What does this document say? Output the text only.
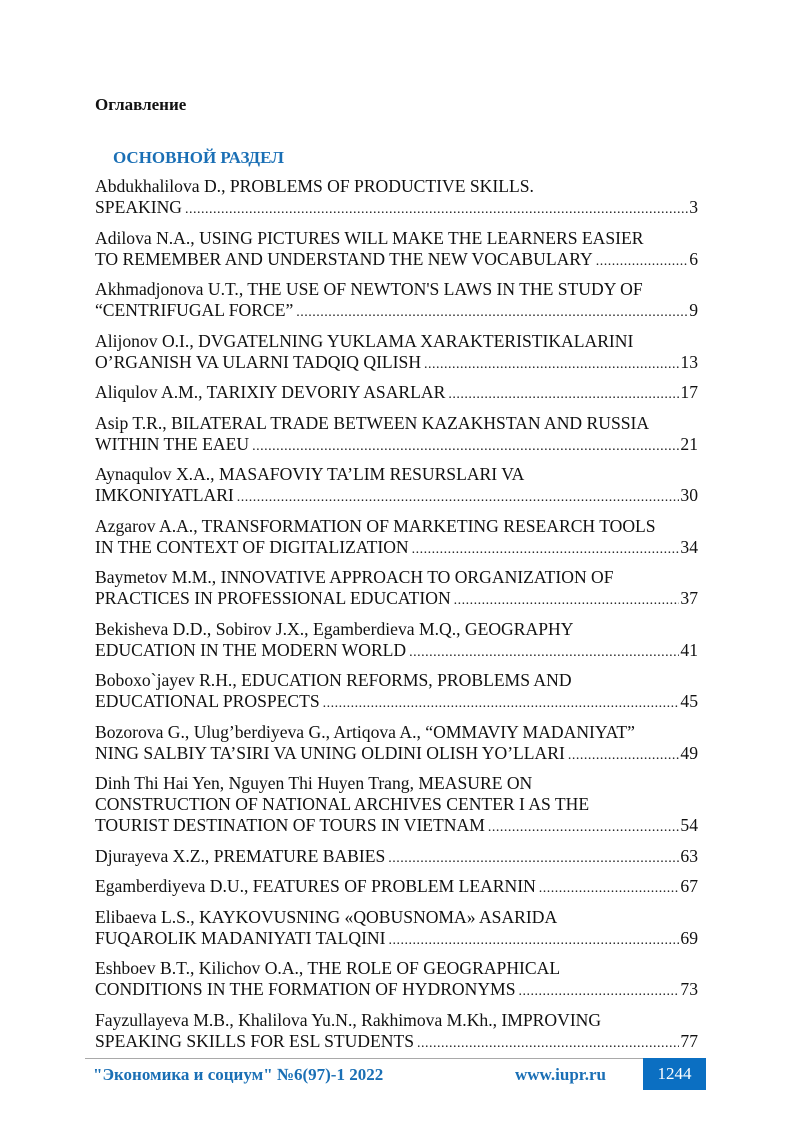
Оглавление
ОСНОВНОЙ РАЗДЕЛ
Abdukhalilova D., PROBLEMS OF PRODUCTIVE SKILLS.
SPEAKING .....	3
Adilova N.A., USING PICTURES WILL MAKE THE LEARNERS EASIER
TO REMEMBER AND UNDERSTAND THE NEW VOCABULARY .....	6
Akhmadjonova U.T., THE USE OF NEWTON'S LAWS IN THE STUDY OF
“CENTRIFUGAL FORCE” .....	9
Alijonov O.I., DVGATELNING YUKLAMA XARAKTERISTIKALARINI
O’RGANISH VA ULARNI TADQIQ QILISH .....	13
Aliqulov A.M., TARIXIY DEVORIY ASARLAR .....	17
Asip T.R., BILATERAL TRADE BETWEEN KAZAKHSTAN AND RUSSIA
WITHIN THE EAEU .....	21
Aynaqulov X.A., MASAFOVIY TA’LIM RESURSLARI VA
IMKONIYATLARI .....	30
Azgarov A.A., TRANSFORMATION OF MARKETING RESEARCH TOOLS
IN THE CONTEXT OF DIGITALIZATION .....	34
Baymetov M.M., INNOVATIVE APPROACH TO ORGANIZATION OF
PRACTICES IN PROFESSIONAL EDUCATION .....	37
Bekisheva D.D., Sobirov J.X., Egamberdieva M.Q., GEOGRAPHY
EDUCATION IN THE MODERN WORLD .....	41
Boboxo`jayev R.H., EDUCATION REFORMS, PROBLEMS AND
EDUCATIONAL PROSPECTS .....	45
Bozorova G., Ulug’berdiyeva G., Artiqova A., “OMMAVIY MADANIYAT”
NING SALBIY TA’SIRI VA UNING OLDINI OLISH YO’LLARI .....	49
Dinh Thi Hai Yen, Nguyen Thi Huyen Trang, MEASURE ON
CONSTRUCTION OF NATIONAL ARCHIVES CENTER I AS THE
TOURIST DESTINATION OF TOURS IN VIETNAM .....	54
Djurayeva X.Z., PREMATURE BABIES .....	63
Egamberdiyeva D.U., FEATURES OF PROBLEM LEARNIN .....	67
Elibaeva L.S., KAYKOVUSNING «QOBUSNOMA» ASARIDA
FUQAROLIK MADANIYATI TALQINI .....	69
Eshboev B.T., Kilichov O.A., THE ROLE OF GEOGRAPHICAL
CONDITIONS IN THE FORMATION OF HYDRONYMS .....	73
Fayzullayeva M.B., Khalilova Yu.N., Rakhimova M.Kh., IMPROVING
SPEAKING SKILLS FOR ESL STUDENTS .....	77
"Экономика и социум" №6(97)-1 2022	www.iupr.ru	1244
